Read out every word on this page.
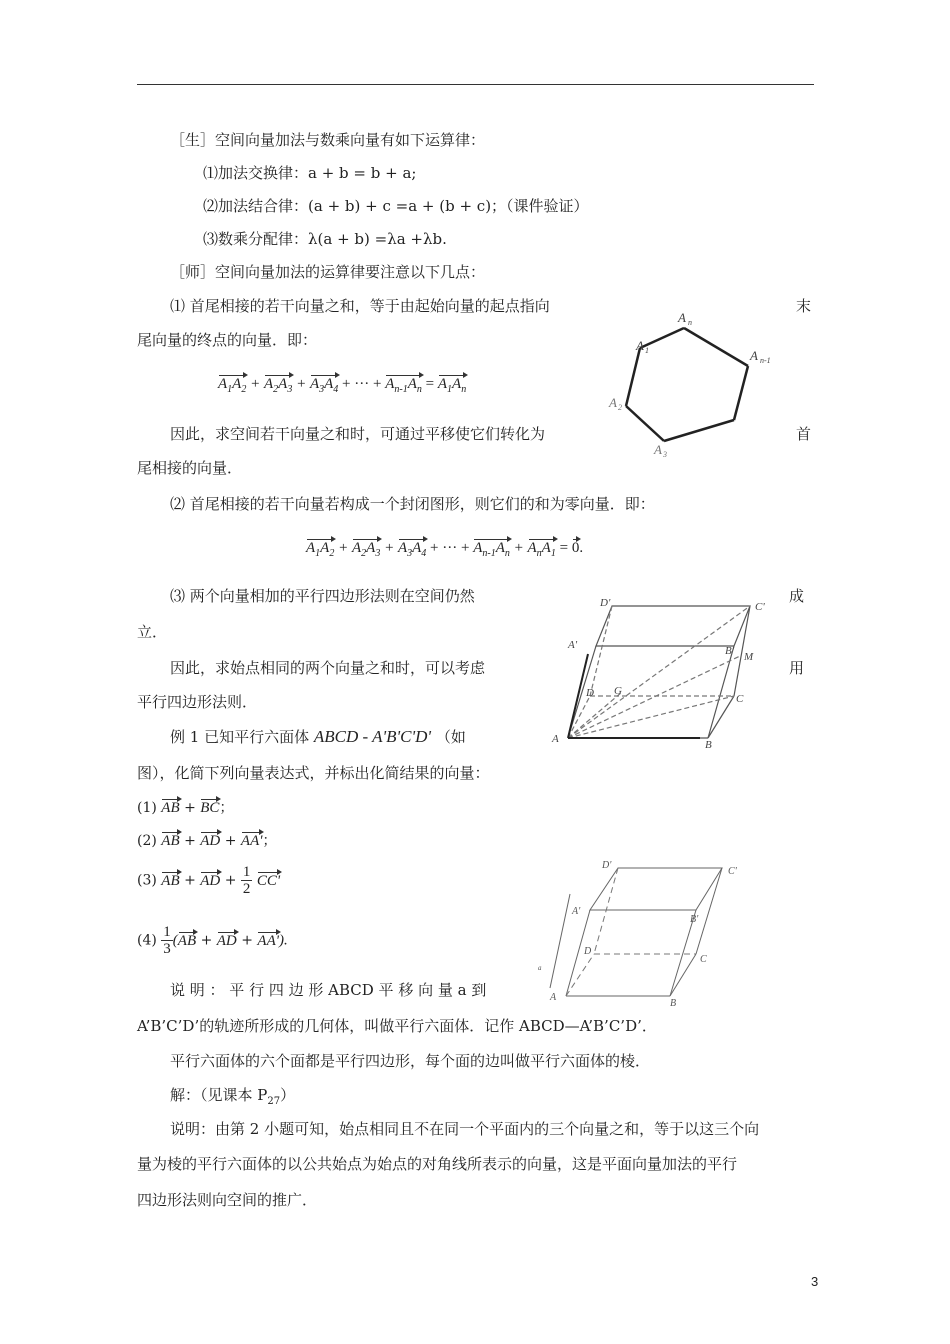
［生］空间向量加法与数乘向量有如下运算律：
⑴加法交换律：a + b = b + a;
⑵加法结合律：(a + b) + c =a + (b + c)；（课件验证）
⑶数乘分配律：λ(a + b) =λa +λb.
［师］空间向量加法的运算律要注意以下几点：
⑴ 首尾相接的若干向量之和，等于由起始向量的起点指向	末
尾向量的终点的向量．即：
$A_1A_2 + A_2A_3 + A_3A_4$ + ··· + $A_{n-1}A_n = A_1A_n$
因此，求空间若干向量之和时，可通过平移使它们转化为	首
尾相接的向量．
⑵ 首尾相接的若干向量若构成一个封闭图形，则它们的和为零向量．即：
$A_1A_2 + A_2A_3 + A_3A_4$ + ··· + $A_{n-1}A_n + A_nA_1 = 0$.
⑶ 两个向量相加的平行四边形法则在空间仍然	成
立．
因此，求始点相同的两个向量之和时，可以考虑	用
平行四边形法则．
例 1 已知平行六面体 ABCD - A'B'C'D' （如
图），化简下列向量表达式，并标出化简结果的向量：
(1) AB + BC；
(2) AB + AD + AA'；
(3) AB + AD + $\frac{1}{2} CC'$
$(4) \frac{1}{3} (AB$ + AD + AA').
说 明 ： 平 行 四 边 形 ABCD 平 移 向 量 a 到
A’B’C’D’的轨迹所形成的几何体，叫做平行六面体．记作 ABCD—A’B’C’D’．
平行六面体的六个面都是平行四边形，每个面的边叫做平行六面体的棱．
解：（见课本 $P_{27}$）
说明：由第 2 小题可知，始点相同且不在同一个平面内的三个向量之和，等于以这三个向
量为棱的平行六面体的以公共始点为始点的对角线所表示的向量，这是平面向量加法的平行
四边形法则向空间的推广．
A n
A 1	A n-1
A 2
A 3
D'	C'
A'	B' M
D G
C
A	B
D'
C'
A'
B'
D
C
A
B
a
3
